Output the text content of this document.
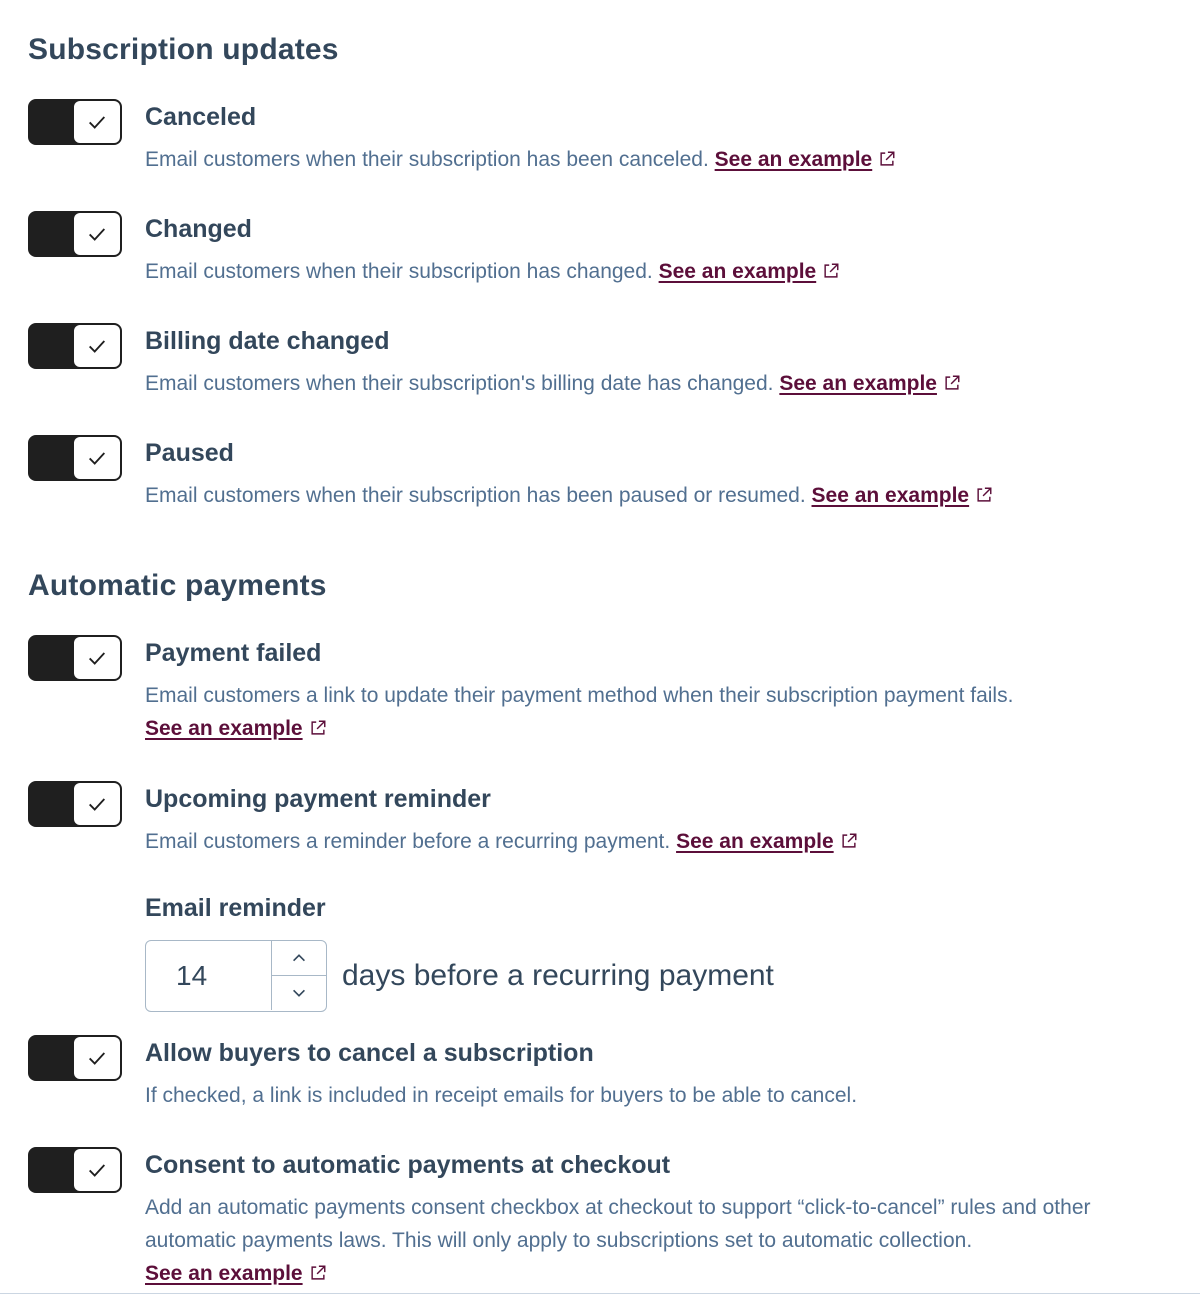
Subscription updates
Canceled
Email customers when their subscription has been canceled. See an example
Changed
Email customers when their subscription has changed. See an example
Billing date changed
Email customers when their subscription's billing date has changed. See an example
Paused
Email customers when their subscription has been paused or resumed. See an example
Automatic payments
Payment failed
Email customers a link to update their payment method when their subscription payment fails.
See an example
Upcoming payment reminder
Email customers a reminder before a recurring payment. See an example
Email reminder
14
days before a recurring payment
Allow buyers to cancel a subscription
If checked, a link is included in receipt emails for buyers to be able to cancel.
Consent to automatic payments at checkout
Add an automatic payments consent checkbox at checkout to support “click-to-cancel” rules and other automatic payments laws. This will only apply to subscriptions set to automatic collection. See an example
